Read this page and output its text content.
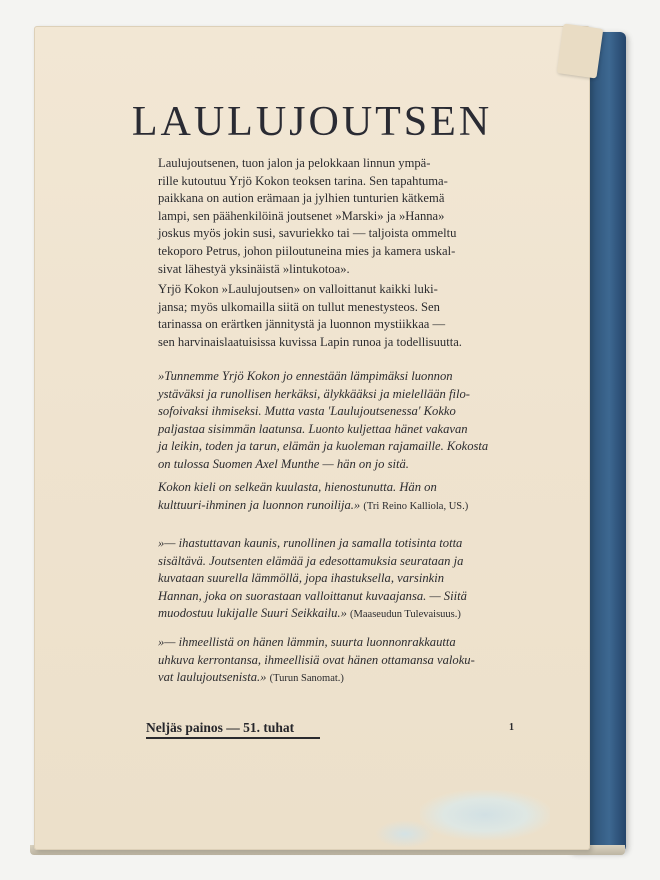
LAULUJOUTSEN
Laulujoutsenen, tuon jalon ja pelokkaan linnun ympä-
rille kutoutuu Yrjö Kokon teoksen tarina. Sen tapahtuma-
paikkana on aution erämaan ja jylhien tunturien kätkemä
lampi, sen päähenkilöinä joutsenet »Marski» ja »Hanna»
joskus myös jokin susi, savuriekko tai — taljoista ommeltu
tekoporo Petrus, johon piiloutuneina mies ja kamera uskal-
sivat lähestyä yksinäistä »lintukotoa».
Yrjö Kokon »Laulujoutsen» on valloittanut kaikki luki-
jansa; myös ulkomailla siitä on tullut menestysteos. Sen
tarinassa on erärtken jännitystä ja luonnon mystiikkaa —
sen harvinaislaatuisissa kuvissa Lapin runoa ja todellisuutta.
»Tunnemme Yrjö Kokon jo ennestään lämpimäksi luonnon
ystäväksi ja runollisen herkäksi, älykkääksi ja mielellään filo-
sofoivaksi ihmiseksi. Mutta vasta 'Laulujoutsenessa' Kokko
paljastaa sisimmän laatunsa. Luonto kuljettaa hänet vakavan
ja leikin, toden ja tarun, elämän ja kuoleman rajamaille. Kokosta
on tulossa Suomen Axel Munthe — hän on jo sitä.
Kokon kieli on selkeän kuulasta, hienostunutta. Hän on
kulttuuri-ihminen ja luonnon runoilija.» (Tri Reino Kalliola, US.)
»— ihastuttavan kaunis, runollinen ja samalla totisinta totta
sisältävä. Joutsenten elämää ja edesottamuksia seurataan ja
kuvataan suurella lämmöllä, jopa ihastuksella, varsinkin
Hannan, joka on suorastaan valloittanut kuvaajansa. — Siitä
muodostuu lukijalle Suuri Seikkailu.» (Maaseudun Tulevaisuus.)
»— ihmeellistä on hänen lämmin, suurta luonnonrakkautta
uhkuva kerrontansa, ihmeellisiä ovat hänen ottamansa valoku-
vat laulujoutsenista.» (Turun Sanomat.)
Neljäs painos — 51. tuhat	1
